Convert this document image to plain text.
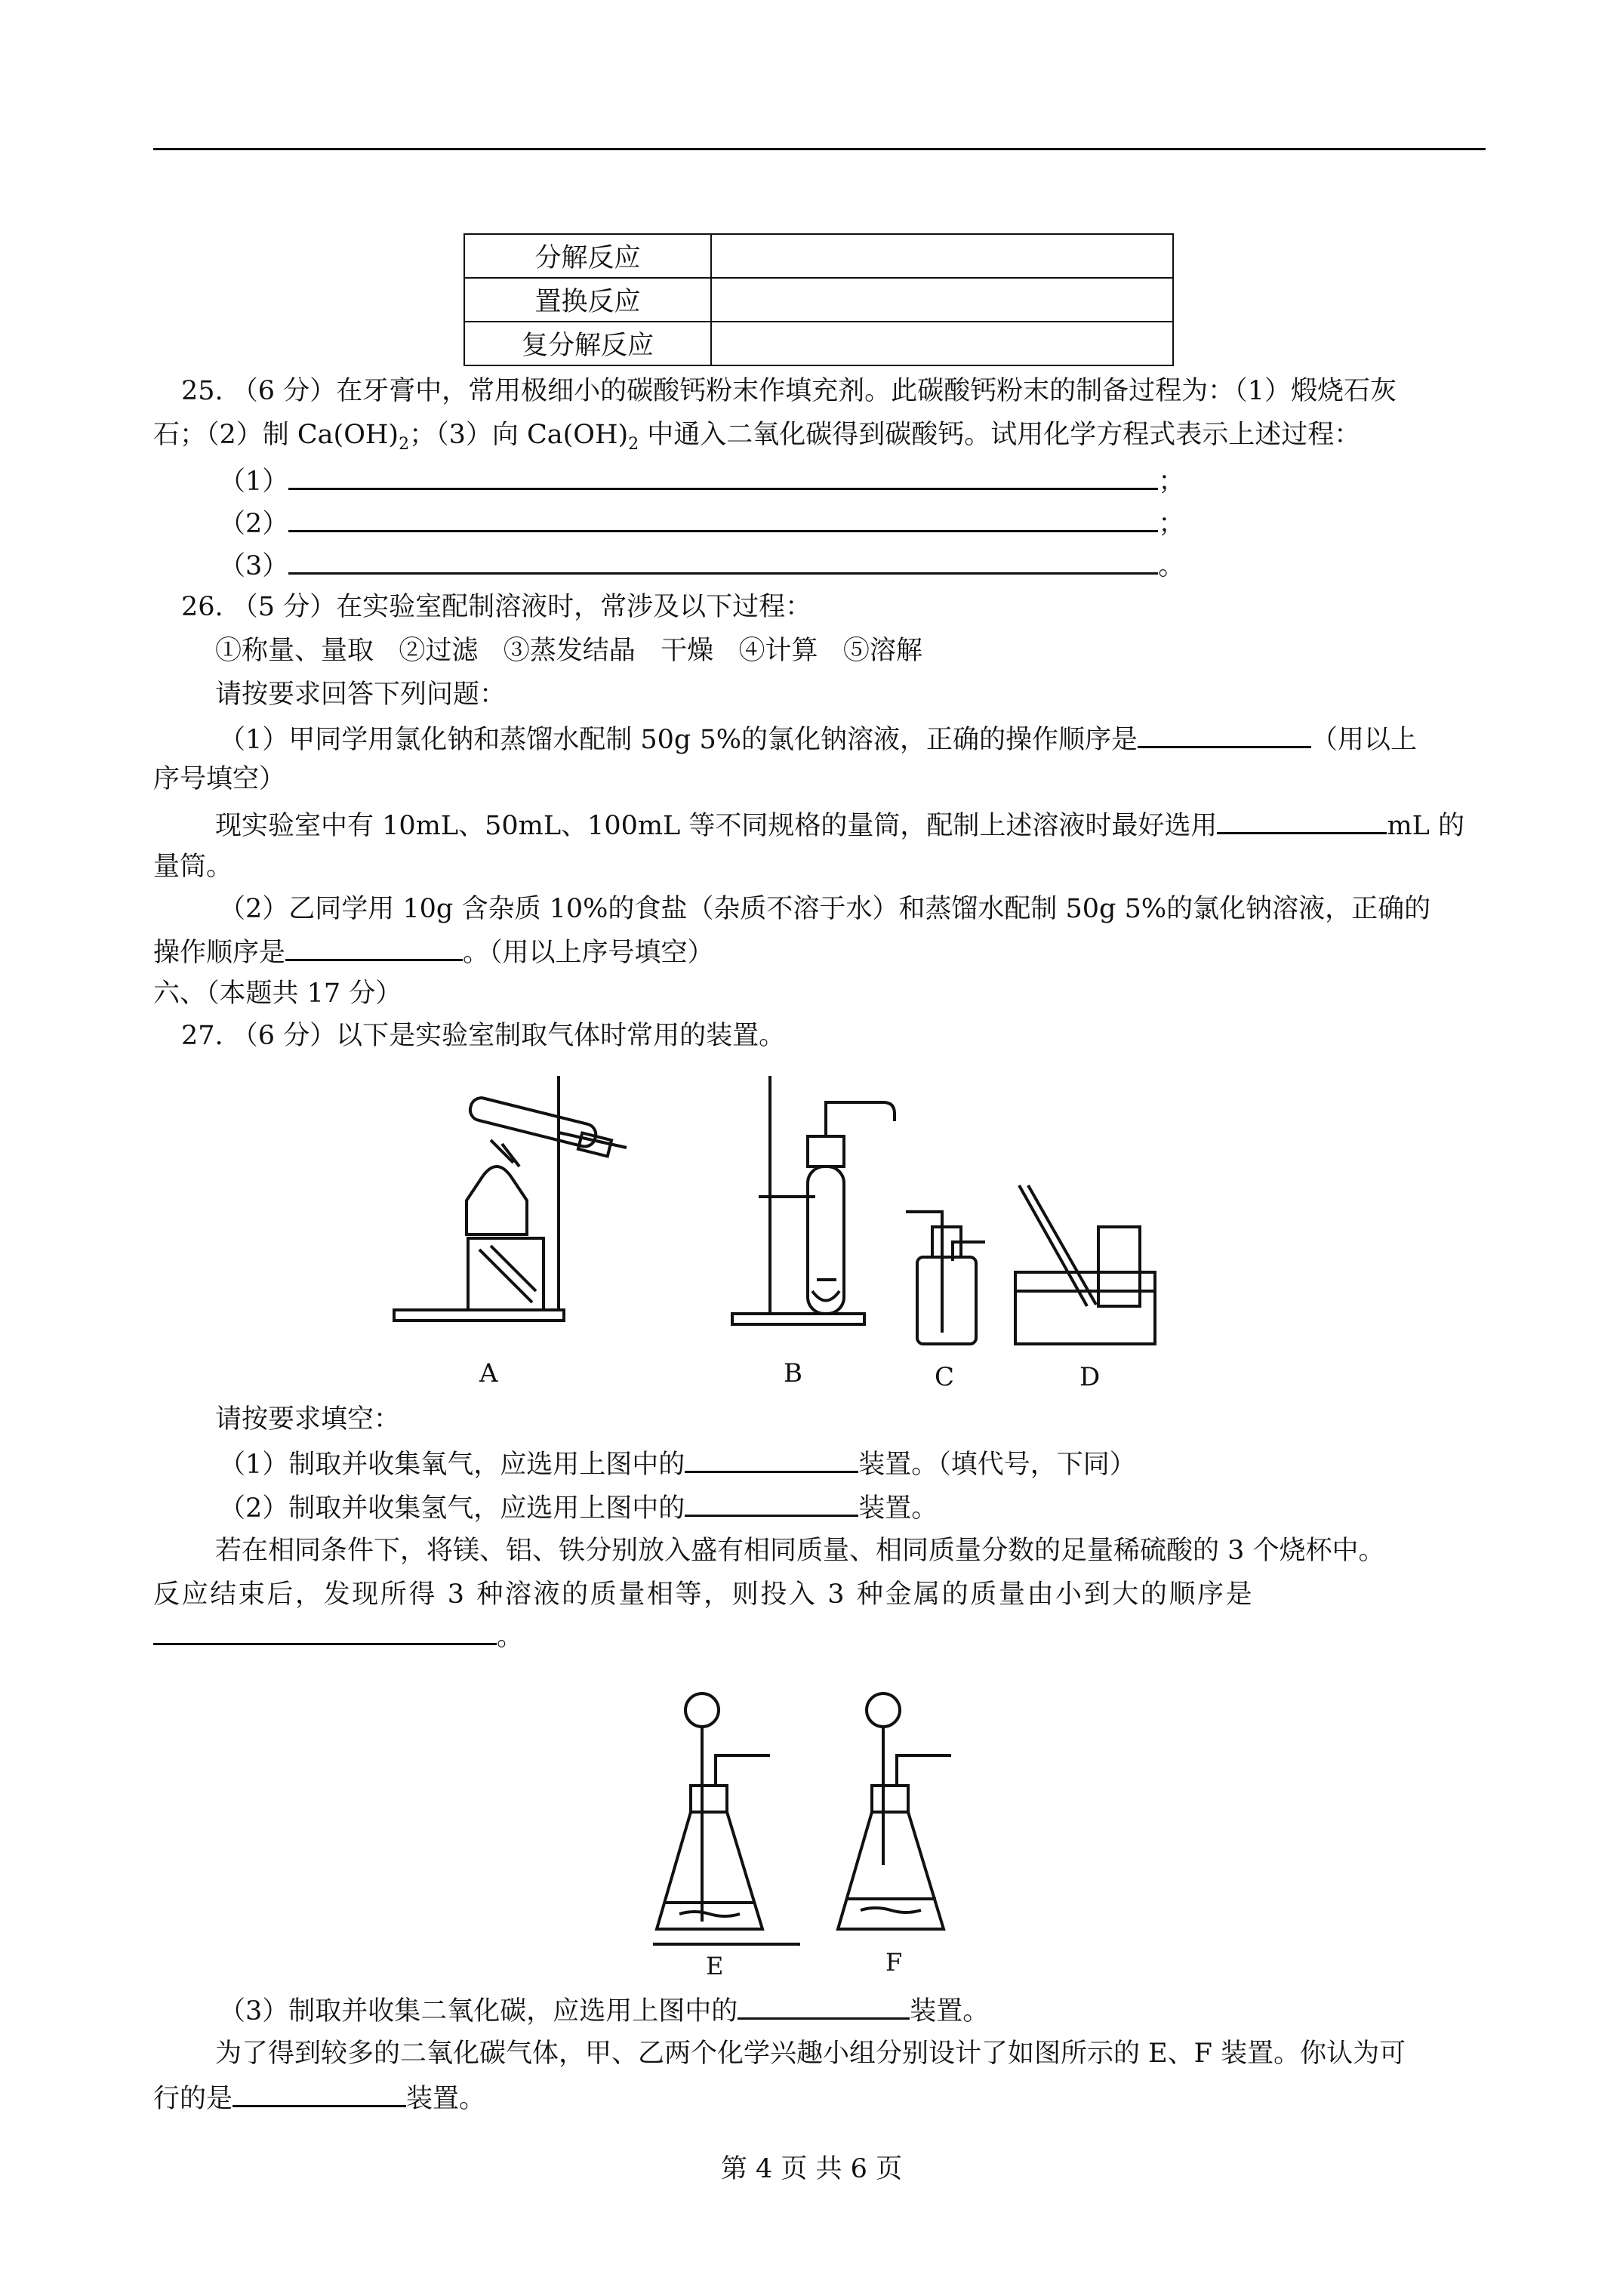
分解反应	
置换反应	
复分解反应	
25. （6 分）在牙膏中，常用极细小的碳酸钙粉末作填充剂。此碳酸钙粉末的制备过程为：（1）煅烧石灰
石；（2）制 $Ca(OH)_2$；（3）向 $Ca(OH)_2$ 中通入二氧化碳得到碳酸钙。试用化学方程式表示上述过程：
（1）	；
（2）	；
（3）	。
26. （5 分）在实验室配制溶液时，常涉及以下过程：
①称量、量取   ②过滤   ③蒸发结晶   干燥   ④计算   ⑤溶解
请按要求回答下列问题：
（1）甲同学用氯化钠和蒸馏水配制 50g 5%的氯化钠溶液，正确的操作顺序是	（用以上
序号填空）
现实验室中有 10mL、50mL、100mL 等不同规格的量筒，配制上述溶液时最好选用	mL 的
量筒。
（2）乙同学用 10g 含杂质 10%的食盐（杂质不溶于水）和蒸馏水配制 50g 5%的氯化钠溶液，正确的
操作顺序是	。（用以上序号填空）
六、（本题共 17 分）
27. （6 分）以下是实验室制取气体时常用的装置。
A	B	C	D
请按要求填空：
（1）制取并收集氧气，应选用上图中的	装置。（填代号，下同）
（2）制取并收集氢气，应选用上图中的	装置。
若在相同条件下，将镁、铝、铁分别放入盛有相同质量、相同质量分数的足量稀硫酸的 3 个烧杯中。
反应结束后，发现所得 3 种溶液的质量相等，则投入 3 种金属的质量由小到大的顺序是
。
E	F
（3）制取并收集二氧化碳，应选用上图中的	装置。
为了得到较多的二氧化碳气体，甲、乙两个化学兴趣小组分别设计了如图所示的 E、F 装置。你认为可
行的是	装置。
第 4 页 共 6 页
